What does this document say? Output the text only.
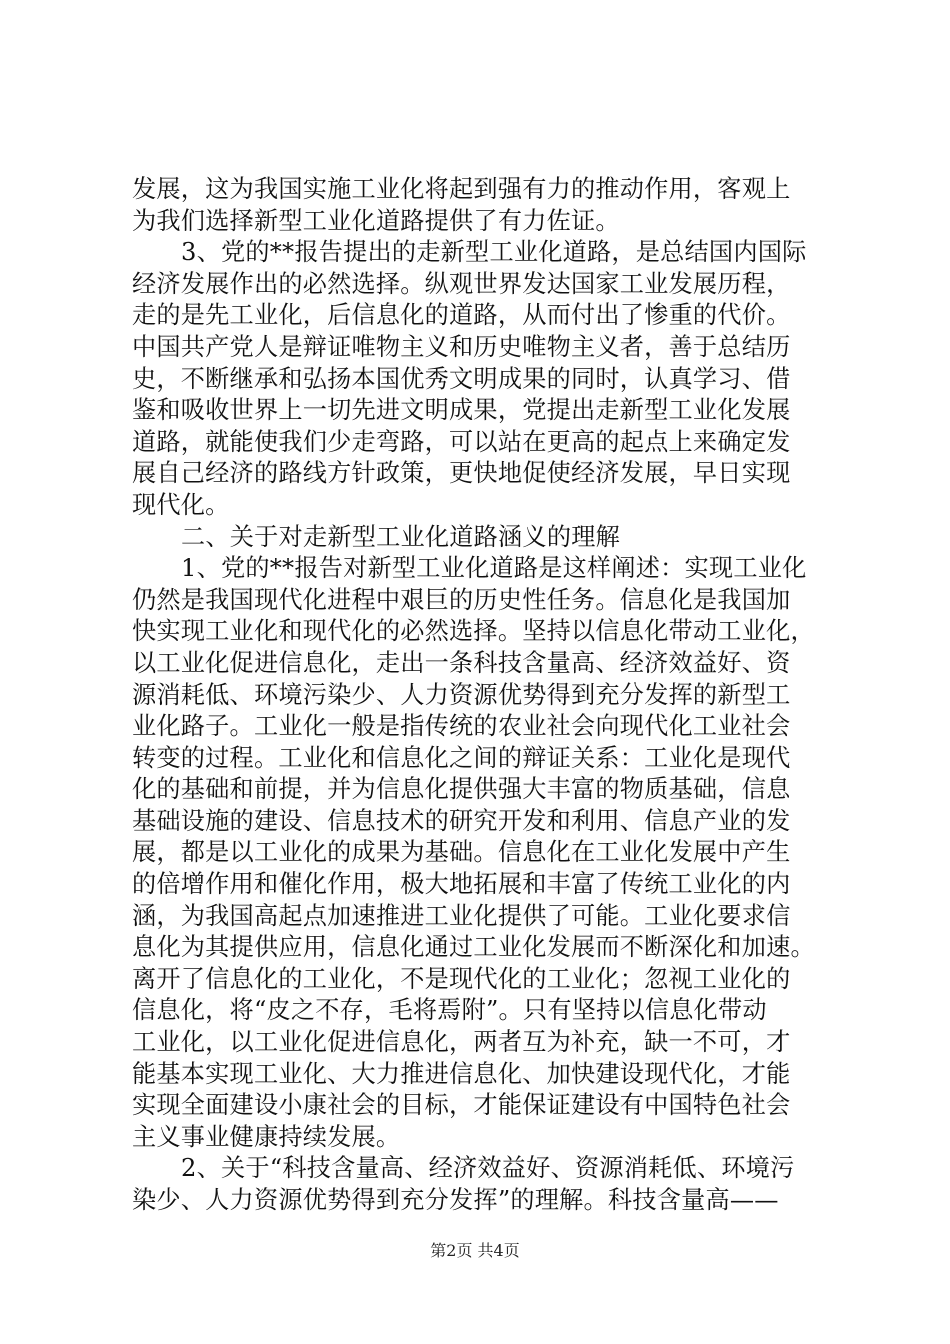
发展，这为我国实施工业化将起到强有力的推动作用，客观上
为我们选择新型工业化道路提供了有力佐证。
3、党的**报告提出的走新型工业化道路，是总结国内国际
经济发展作出的必然选择。纵观世界发达国家工业发展历程，
走的是先工业化，后信息化的道路，从而付出了惨重的代价。
中国共产党人是辩证唯物主义和历史唯物主义者，善于总结历
史，不断继承和弘扬本国优秀文明成果的同时，认真学习、借
鉴和吸收世界上一切先进文明成果，党提出走新型工业化发展
道路，就能使我们少走弯路，可以站在更高的起点上来确定发
展自己经济的路线方针政策，更快地促使经济发展，早日实现
现代化。
二、关于对走新型工业化道路涵义的理解
1、党的**报告对新型工业化道路是这样阐述：实现工业化
仍然是我国现代化进程中艰巨的历史性任务。信息化是我国加
快实现工业化和现代化的必然选择。坚持以信息化带动工业化，
以工业化促进信息化，走出一条科技含量高、经济效益好、资
源消耗低、环境污染少、人力资源优势得到充分发挥的新型工
业化路子。工业化一般是指传统的农业社会向现代化工业社会
转变的过程。工业化和信息化之间的辩证关系：工业化是现代
化的基础和前提，并为信息化提供强大丰富的物质基础，信息
基础设施的建设、信息技术的研究开发和利用、信息产业的发
展，都是以工业化的成果为基础。信息化在工业化发展中产生
的倍增作用和催化作用，极大地拓展和丰富了传统工业化的内
涵，为我国高起点加速推进工业化提供了可能。工业化要求信
息化为其提供应用，信息化通过工业化发展而不断深化和加速。
离开了信息化的工业化，不是现代化的工业化；忽视工业化的
信息化，将“皮之不存，毛将焉附”。只有坚持以信息化带动
工业化，以工业化促进信息化，两者互为补充，缺一不可，才
能基本实现工业化、大力推进信息化、加快建设现代化，才能
实现全面建设小康社会的目标，才能保证建设有中国特色社会
主义事业健康持续发展。
2、关于“科技含量高、经济效益好、资源消耗低、环境污
染少、人力资源优势得到充分发挥”的理解。科技含量高——
第2页 共4页
